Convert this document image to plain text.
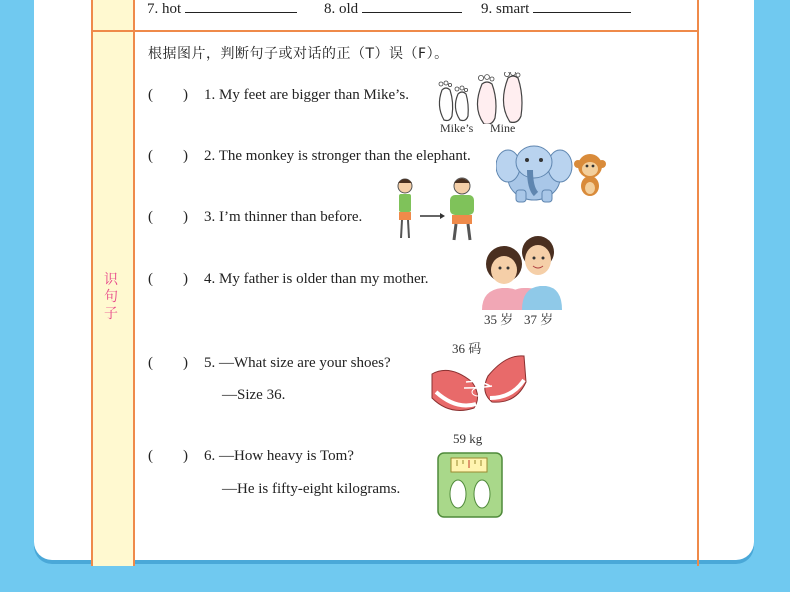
7. hot	8. old	9. smart
识句子
根据图片，判断句子或对话的正（T）误（F）。
(        ) 1. My feet are bigger than Mike’s.
Mike’s Mine
(        ) 2. The monkey is stronger than the elephant.
(        ) 3. I’m thinner than before.
(        ) 4. My father is older than my mother.
35 岁 37 岁
(        ) 5. —What size are your shoes?
—Size 36.
36 码
(        ) 6. —How heavy is Tom?
—He is fifty-eight kilograms.
59 kg
